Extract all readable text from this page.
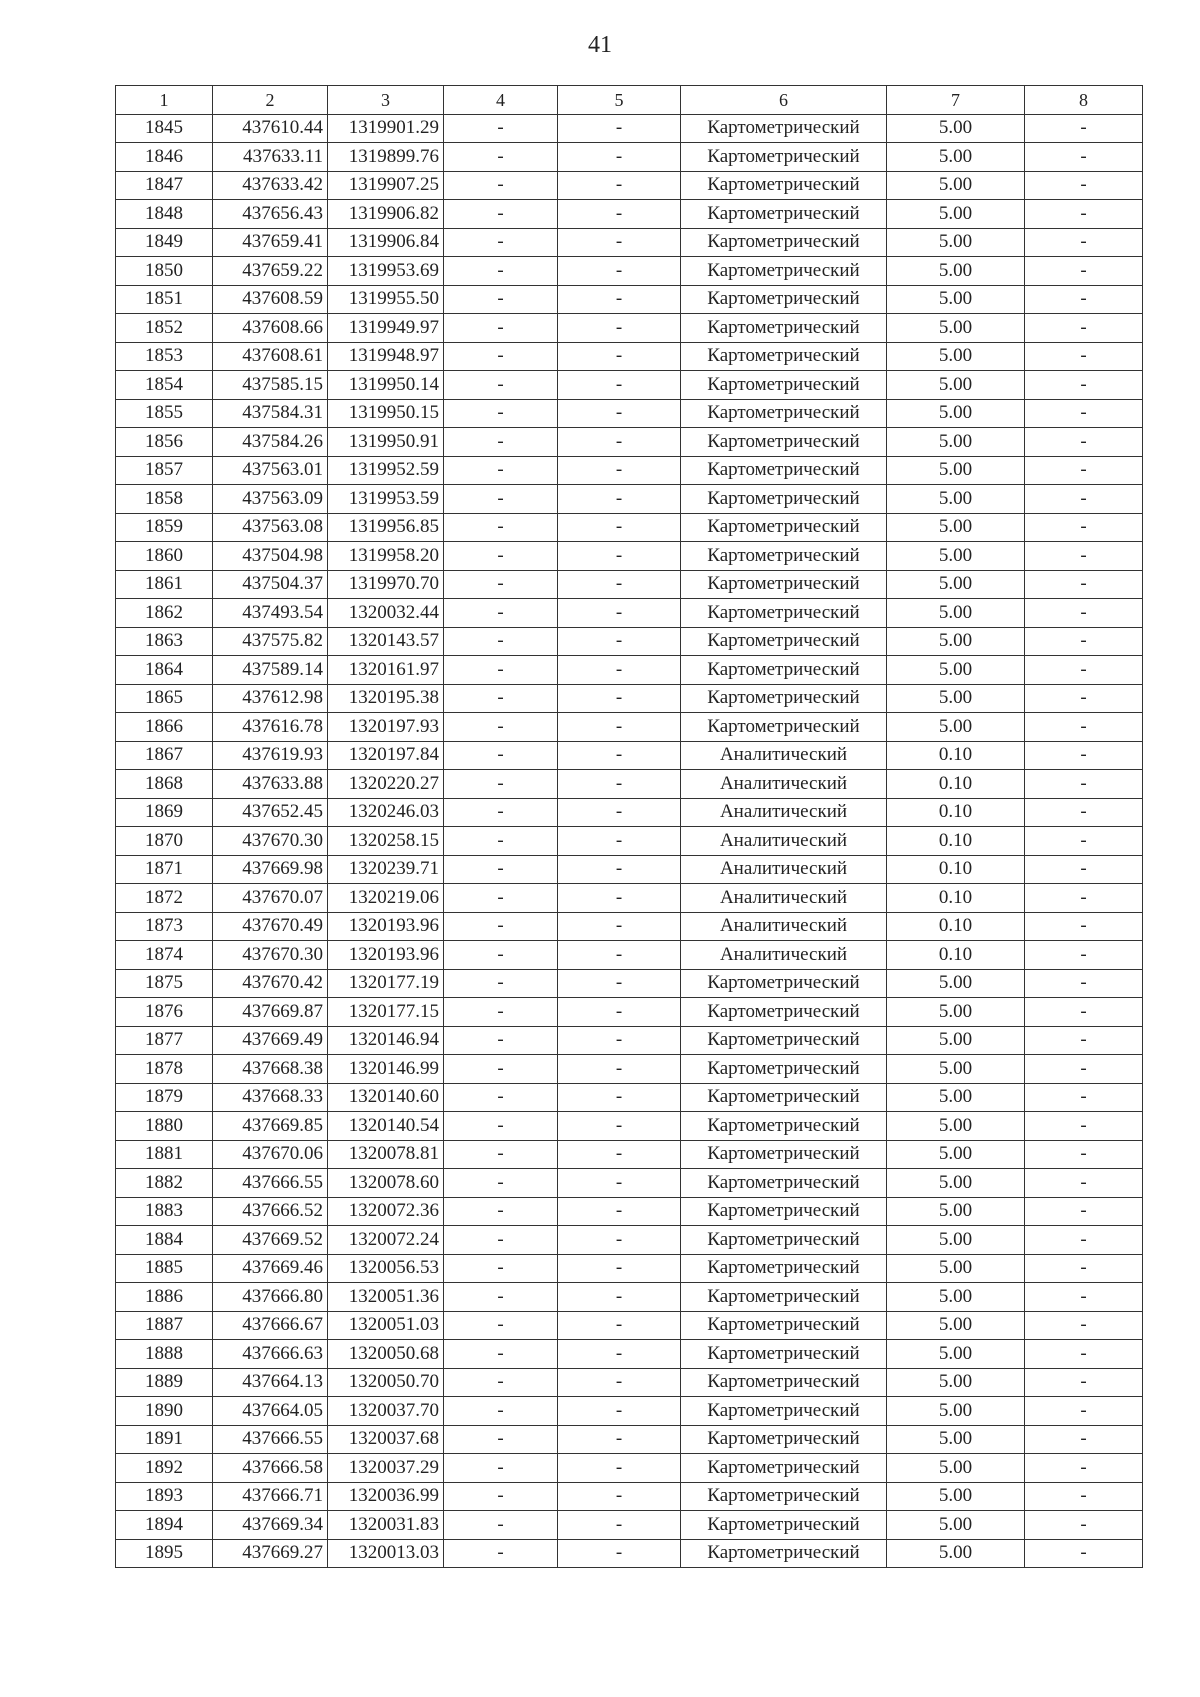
41
1	2	3	4	5	6	7	8
1845	437610.44	1319901.29	-	-	Картометрический	5.00	-
1846	437633.11	1319899.76	-	-	Картометрический	5.00	-
1847	437633.42	1319907.25	-	-	Картометрический	5.00	-
1848	437656.43	1319906.82	-	-	Картометрический	5.00	-
1849	437659.41	1319906.84	-	-	Картометрический	5.00	-
1850	437659.22	1319953.69	-	-	Картометрический	5.00	-
1851	437608.59	1319955.50	-	-	Картометрический	5.00	-
1852	437608.66	1319949.97	-	-	Картометрический	5.00	-
1853	437608.61	1319948.97	-	-	Картометрический	5.00	-
1854	437585.15	1319950.14	-	-	Картометрический	5.00	-
1855	437584.31	1319950.15	-	-	Картометрический	5.00	-
1856	437584.26	1319950.91	-	-	Картометрический	5.00	-
1857	437563.01	1319952.59	-	-	Картометрический	5.00	-
1858	437563.09	1319953.59	-	-	Картометрический	5.00	-
1859	437563.08	1319956.85	-	-	Картометрический	5.00	-
1860	437504.98	1319958.20	-	-	Картометрический	5.00	-
1861	437504.37	1319970.70	-	-	Картометрический	5.00	-
1862	437493.54	1320032.44	-	-	Картометрический	5.00	-
1863	437575.82	1320143.57	-	-	Картометрический	5.00	-
1864	437589.14	1320161.97	-	-	Картометрический	5.00	-
1865	437612.98	1320195.38	-	-	Картометрический	5.00	-
1866	437616.78	1320197.93	-	-	Картометрический	5.00	-
1867	437619.93	1320197.84	-	-	Аналитический	0.10	-
1868	437633.88	1320220.27	-	-	Аналитический	0.10	-
1869	437652.45	1320246.03	-	-	Аналитический	0.10	-
1870	437670.30	1320258.15	-	-	Аналитический	0.10	-
1871	437669.98	1320239.71	-	-	Аналитический	0.10	-
1872	437670.07	1320219.06	-	-	Аналитический	0.10	-
1873	437670.49	1320193.96	-	-	Аналитический	0.10	-
1874	437670.30	1320193.96	-	-	Аналитический	0.10	-
1875	437670.42	1320177.19	-	-	Картометрический	5.00	-
1876	437669.87	1320177.15	-	-	Картометрический	5.00	-
1877	437669.49	1320146.94	-	-	Картометрический	5.00	-
1878	437668.38	1320146.99	-	-	Картометрический	5.00	-
1879	437668.33	1320140.60	-	-	Картометрический	5.00	-
1880	437669.85	1320140.54	-	-	Картометрический	5.00	-
1881	437670.06	1320078.81	-	-	Картометрический	5.00	-
1882	437666.55	1320078.60	-	-	Картометрический	5.00	-
1883	437666.52	1320072.36	-	-	Картометрический	5.00	-
1884	437669.52	1320072.24	-	-	Картометрический	5.00	-
1885	437669.46	1320056.53	-	-	Картометрический	5.00	-
1886	437666.80	1320051.36	-	-	Картометрический	5.00	-
1887	437666.67	1320051.03	-	-	Картометрический	5.00	-
1888	437666.63	1320050.68	-	-	Картометрический	5.00	-
1889	437664.13	1320050.70	-	-	Картометрический	5.00	-
1890	437664.05	1320037.70	-	-	Картометрический	5.00	-
1891	437666.55	1320037.68	-	-	Картометрический	5.00	-
1892	437666.58	1320037.29	-	-	Картометрический	5.00	-
1893	437666.71	1320036.99	-	-	Картометрический	5.00	-
1894	437669.34	1320031.83	-	-	Картометрический	5.00	-
1895	437669.27	1320013.03	-	-	Картометрический	5.00	-
